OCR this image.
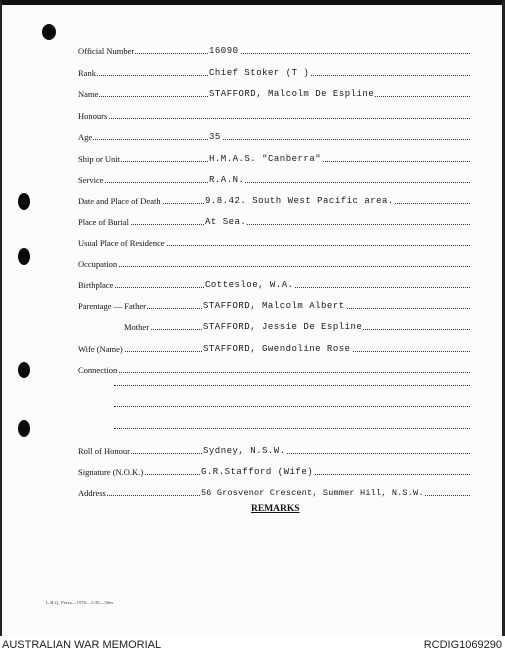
Official Number	16090
Rank	Chief Stoker (T )
Name	STAFFORD, Malcolm De Espline
Honours
Age	35
Ship or Unit	H.M.A.S. "Canberra"
Service	R.A.N.
Date and Place of Death	9.8.42. South West Pacific area.
Place of Burial	At Sea.
Usual Place of Residence
Occupation
Birthplace	Cottesloe, W.A.
Parentage — Father	STAFFORD, Malcolm Albert
Mother	STAFFORD, Jessie De Espline
Wife (Name)	STAFFORD, Gwendoline Rose
Connection
Roll of Honour	Sydney, N.S.W.
Signature (N.O.K.)	G.R.Stafford (Wife)
Address	56 Grosvenor Crescent, Summer Hill, N.S.W.
REMARKS
L.H.Q. Press—1976—1/45—30m.
AUSTRALIAN WAR MEMORIAL	RCDIG1069290
